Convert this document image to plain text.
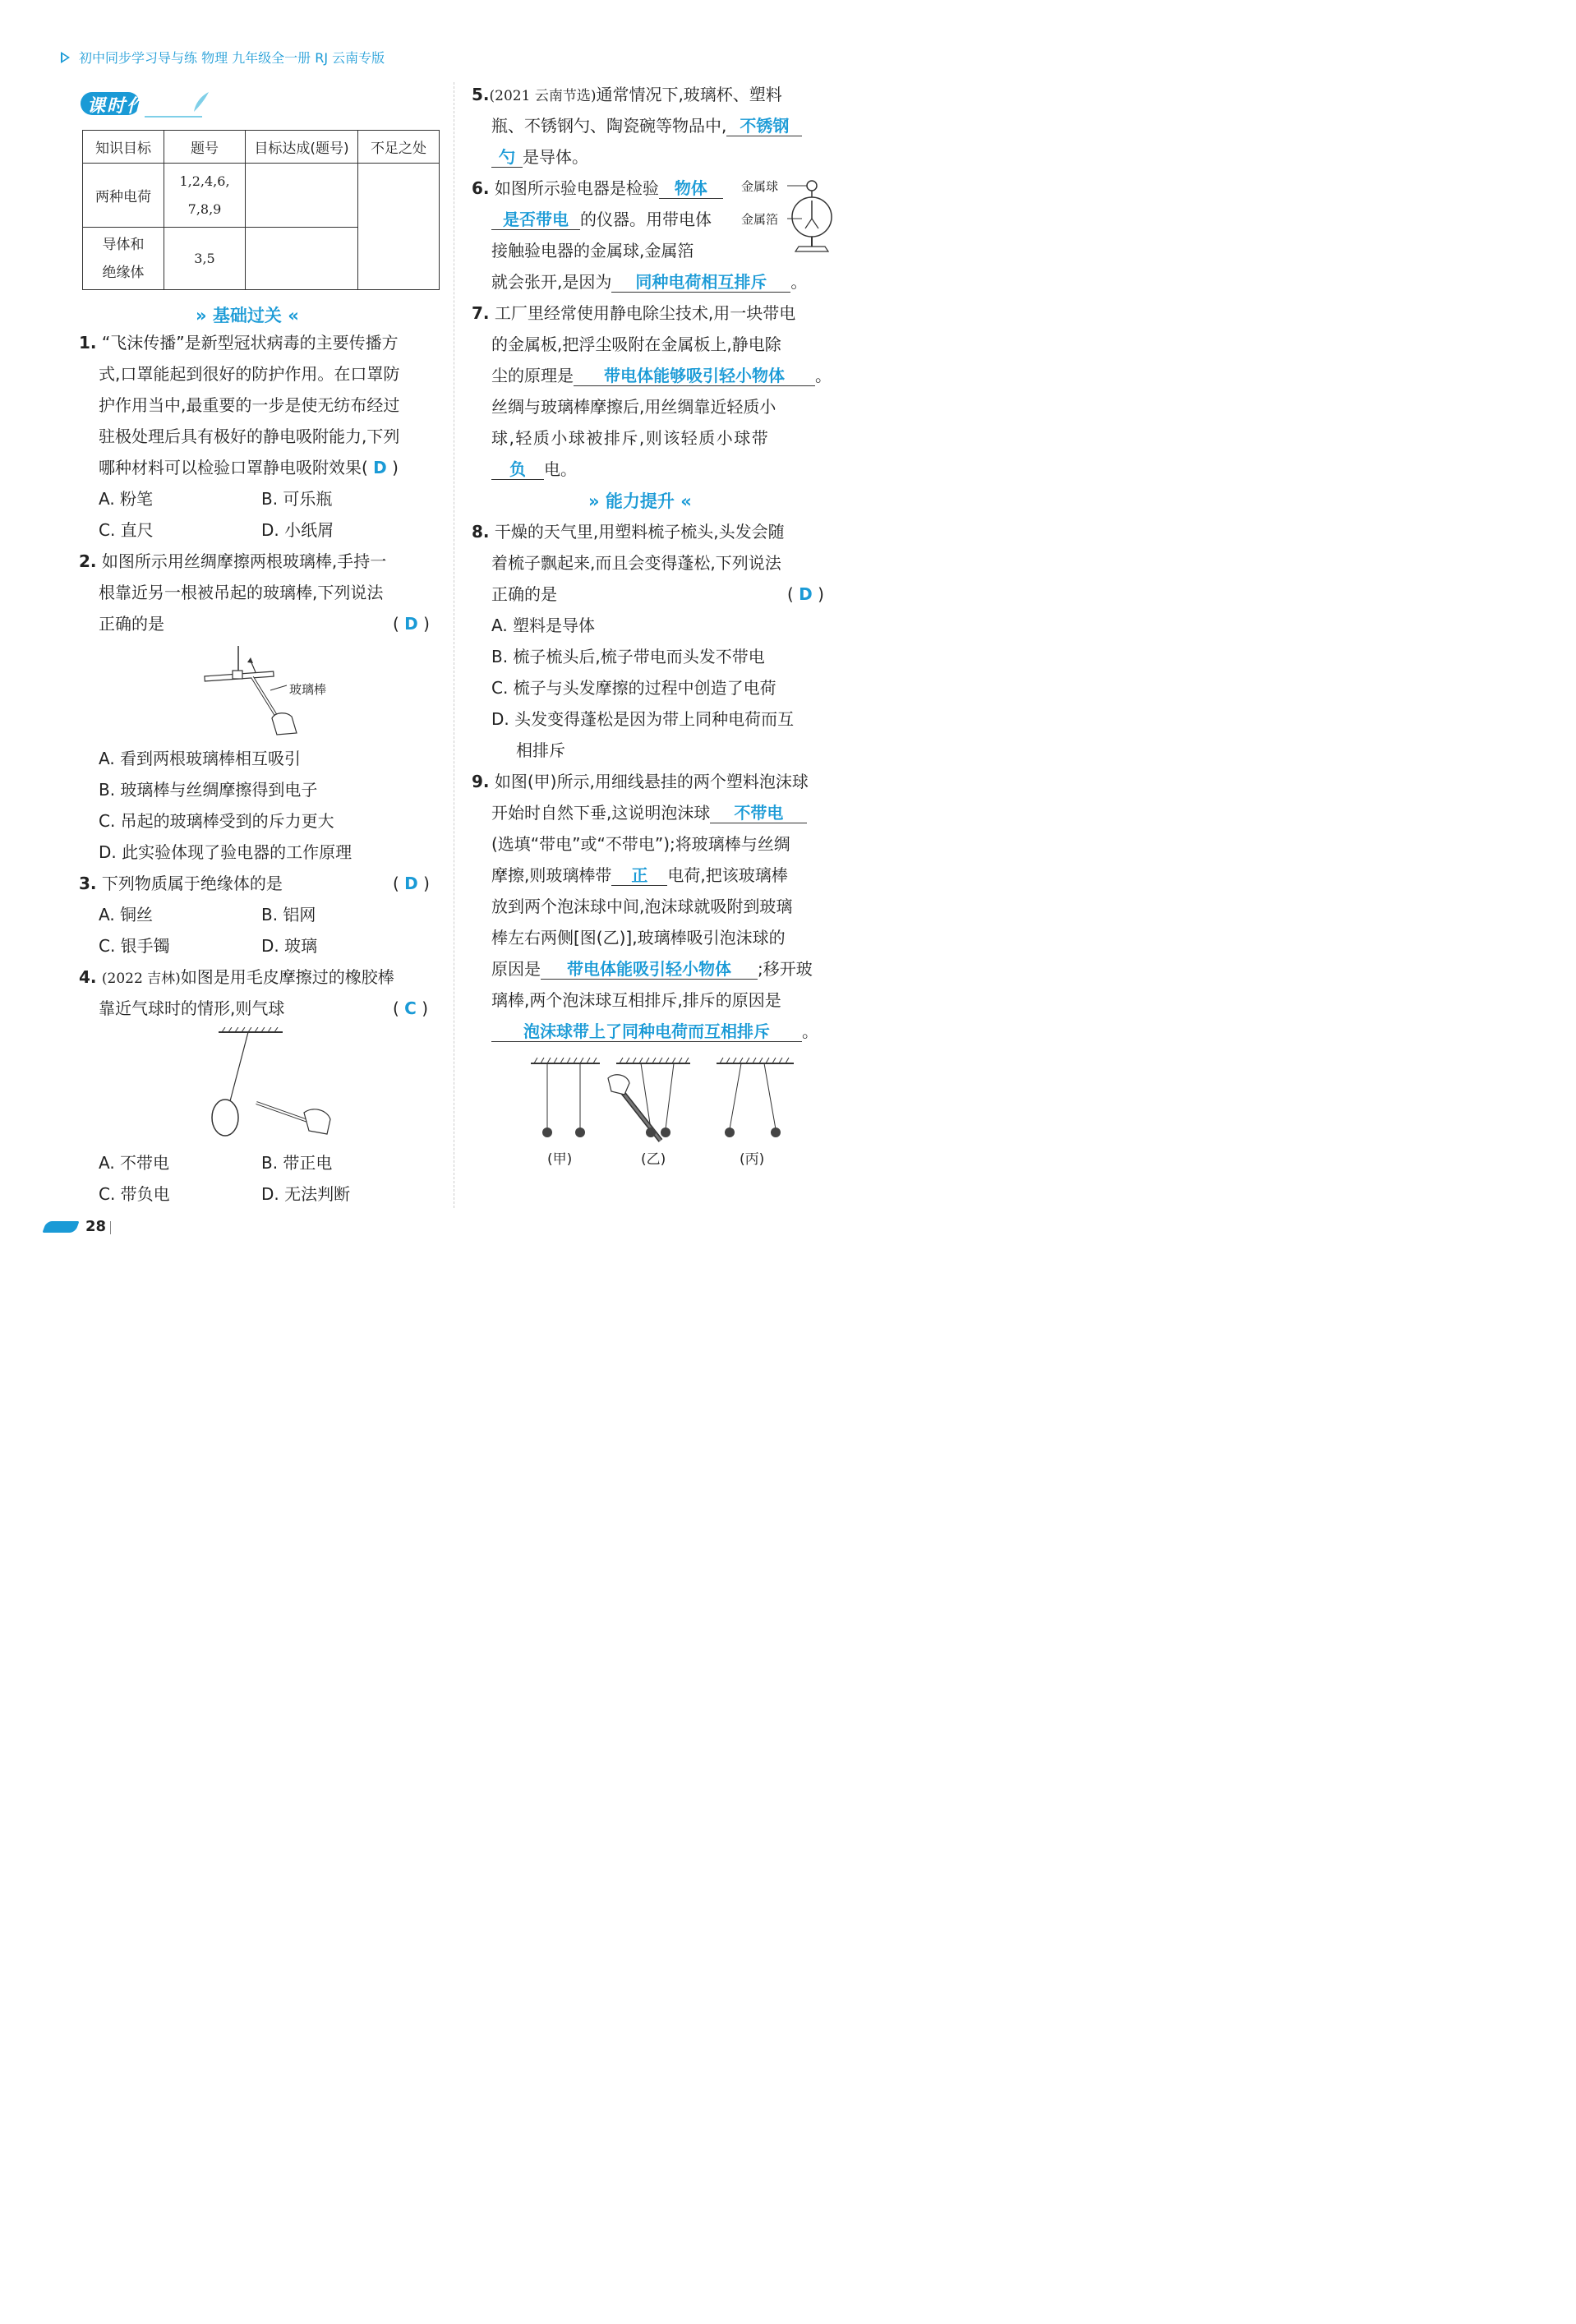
初中同步学习导与练 物理 九年级全一册 RJ 云南专版
课时作业
知识目标	题号	目标达成(题号)	不足之处
两种电荷	1,2,4,6,
7,8,9		

导体和
绝缘体	3,5		
» 基础过关 «
1. “飞沫传播”是新型冠状病毒的主要传播方
式,口罩能起到很好的防护作用。在口罩防
护作用当中,最重要的一步是使无纺布经过
驻极处理后具有极好的静电吸附能力,下列
哪种材料可以检验口罩静电吸附效果( D )
A. 粉笔	B. 可乐瓶
C. 直尺	D. 小纸屑
2. 如图所示用丝绸摩擦两根玻璃棒,手持一
根靠近另一根被吊起的玻璃棒,下列说法
正确的是	( D )
玻璃棒
A. 看到两根玻璃棒相互吸引
B. 玻璃棒与丝绸摩擦得到电子
C. 吊起的玻璃棒受到的斥力更大
D. 此实验体现了验电器的工作原理
3. 下列物质属于绝缘体的是	( D )
A. 铜丝	B. 铝网
C. 银手镯	D. 玻璃
4. (2022 吉林)如图是用毛皮摩擦过的橡胶棒
靠近气球时的情形,则气球	( C )
A. 不带电	B. 带正电
C. 带负电	D. 无法判断
5.(2021 云南节选)通常情况下,玻璃杯、塑料
瓶、不锈钢勺、陶瓷碗等物品中, 不锈钢
勺 是导体。
6. 如图所示验电器是检验 物体
是否带电 的仪器。用带电体
接触验电器的金属球,金属箔
就会张开,是因为 同种电荷相互排斥 。
金属球
金属箔
7. 工厂里经常使用静电除尘技术,用一块带电
的金属板,把浮尘吸附在金属板上,静电除
尘的原理是 带电体能够吸引轻小物体 。
丝绸与玻璃棒摩擦后,用丝绸靠近轻质小
球,轻质小球被排斥,则该轻质小球带
负 电。
» 能力提升 «
8. 干燥的天气里,用塑料梳子梳头,头发会随
着梳子飘起来,而且会变得蓬松,下列说法
正确的是	( D )
A. 塑料是导体
B. 梳子梳头后,梳子带电而头发不带电
C. 梳子与头发摩擦的过程中创造了电荷
D. 头发变得蓬松是因为带上同种电荷而互
相排斥
9. 如图(甲)所示,用细线悬挂的两个塑料泡沫球
开始时自然下垂,这说明泡沫球 不带电
(选填“带电”或“不带电”);将玻璃棒与丝绸
摩擦,则玻璃棒带 正 电荷,把该玻璃棒
放到两个泡沫球中间,泡沫球就吸附到玻璃
棒左右两侧[图(乙)],玻璃棒吸引泡沫球的
原因是 带电体能吸引轻小物体 ;移开玻
璃棒,两个泡沫球互相排斥,排斥的原因是
泡沫球带上了同种电荷而互相排斥 。
(甲)	(乙)	(丙)
28
